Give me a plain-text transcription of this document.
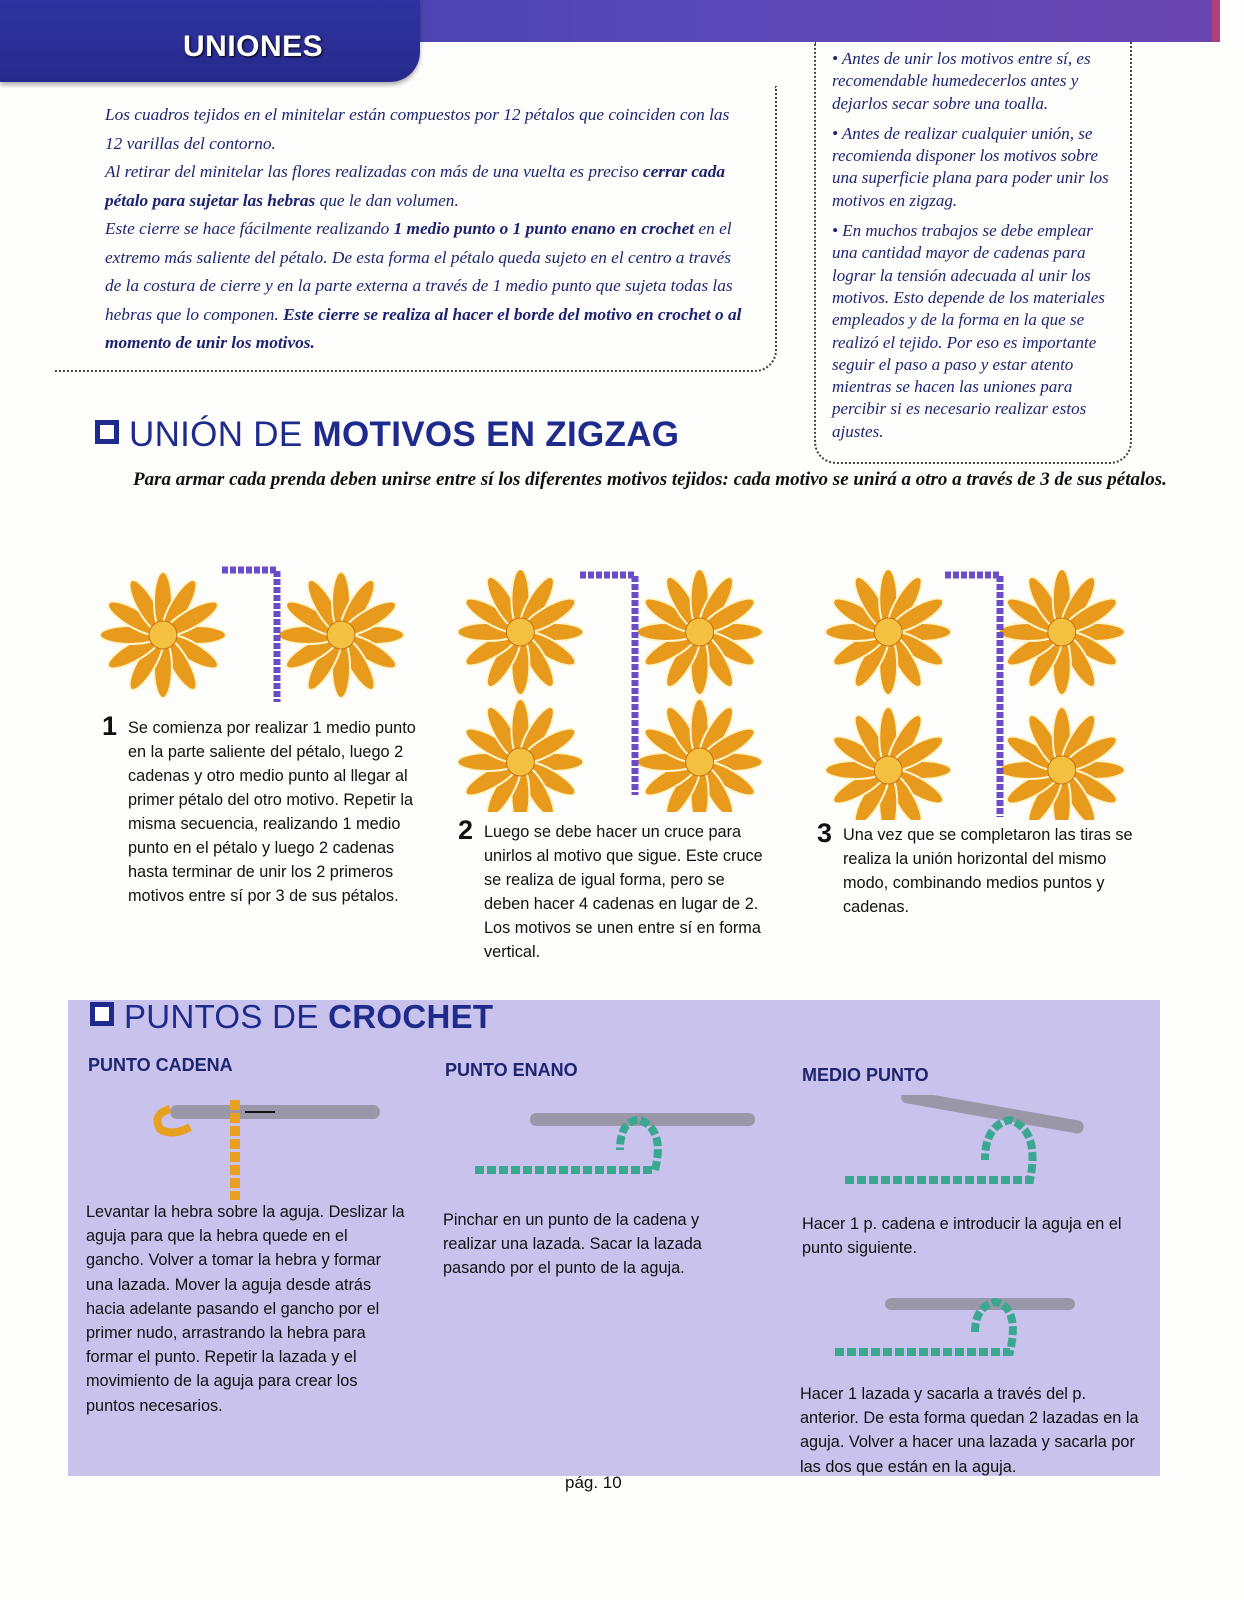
UNIONES

Los cuadros tejidos en el minitelar están compuestos por 12 pétalos que coinciden con las 12 varillas del contorno.

Al retirar del minitelar las flores realizadas con más de una vuelta es preciso cerrar cada pétalo para sujetar las hebras que le dan volumen.

Este cierre se hace fácilmente realizando 1 medio punto o 1 punto enano en crochet en el extremo más saliente del pétalo. De esta forma el pétalo queda sujeto en el centro a través de la costura de cierre y en la parte externa a través de 1 medio punto que sujeta todas las hebras que lo componen. Este cierre se realiza al hacer el borde del motivo en crochet o al momento de unir los motivos.

• Antes de unir los motivos entre sí, es recomendable humedecerlos antes y dejarlos secar sobre una toalla.

• Antes de realizar cualquier unión, se recomienda disponer los motivos sobre una superficie plana para poder unir los motivos en zigzag.

• En muchos trabajos se debe emplear una cantidad mayor de cadenas para lograr la tensión adecuada al unir los motivos. Esto depende de los materiales empleados y de la forma en la que se realizó el tejido. Por eso es importante seguir el paso a paso y estar atento mientras se hacen las uniones para percibir si es necesario realizar estos ajustes.

UNIÓN DE MOTIVOS EN ZIGZAG
Para armar cada prenda deben unirse entre sí los diferentes motivos tejidos: cada motivo se unirá a otro a través de 3 de sus pétalos.
1 Se comienza por realizar 1 medio punto en la parte saliente del pétalo, luego 2 cadenas y otro medio punto al llegar al primer pétalo del otro motivo. Repetir la misma secuencia, realizando 1 medio punto en el pétalo y luego 2 cadenas hasta terminar de unir los 2 primeros motivos entre sí por 3 de sus pétalos.
2 Luego se debe hacer un cruce para unirlos al motivo que sigue. Este cruce se realiza de igual forma, pero se deben hacer 4 cadenas en lugar de 2. Los motivos se unen entre sí en forma vertical.
3 Una vez que se completaron las tiras se realiza la unión horizontal del mismo modo, combinando medios puntos y cadenas.
PUNTOS DE CROCHET
PUNTO CADENA
Levantar la hebra sobre la aguja. Deslizar la aguja para que la hebra quede en el gancho. Volver a tomar la hebra y formar una lazada. Mover la aguja desde atrás hacia adelante pasando el gancho por el primer nudo, arrastrando la hebra para formar el punto. Repetir la lazada y el movimiento de la aguja para crear los puntos necesarios.
PUNTO ENANO
Pinchar en un punto de la cadena y realizar una lazada. Sacar la lazada pasando por el punto de la aguja.
MEDIO PUNTO
Hacer 1 p. cadena e introducir la aguja en el punto siguiente.
Hacer 1 lazada y sacarla a través del p. anterior. De esta forma quedan 2 lazadas en la aguja. Volver a hacer una lazada y sacarla por las dos que están en la aguja.
pág. 10
